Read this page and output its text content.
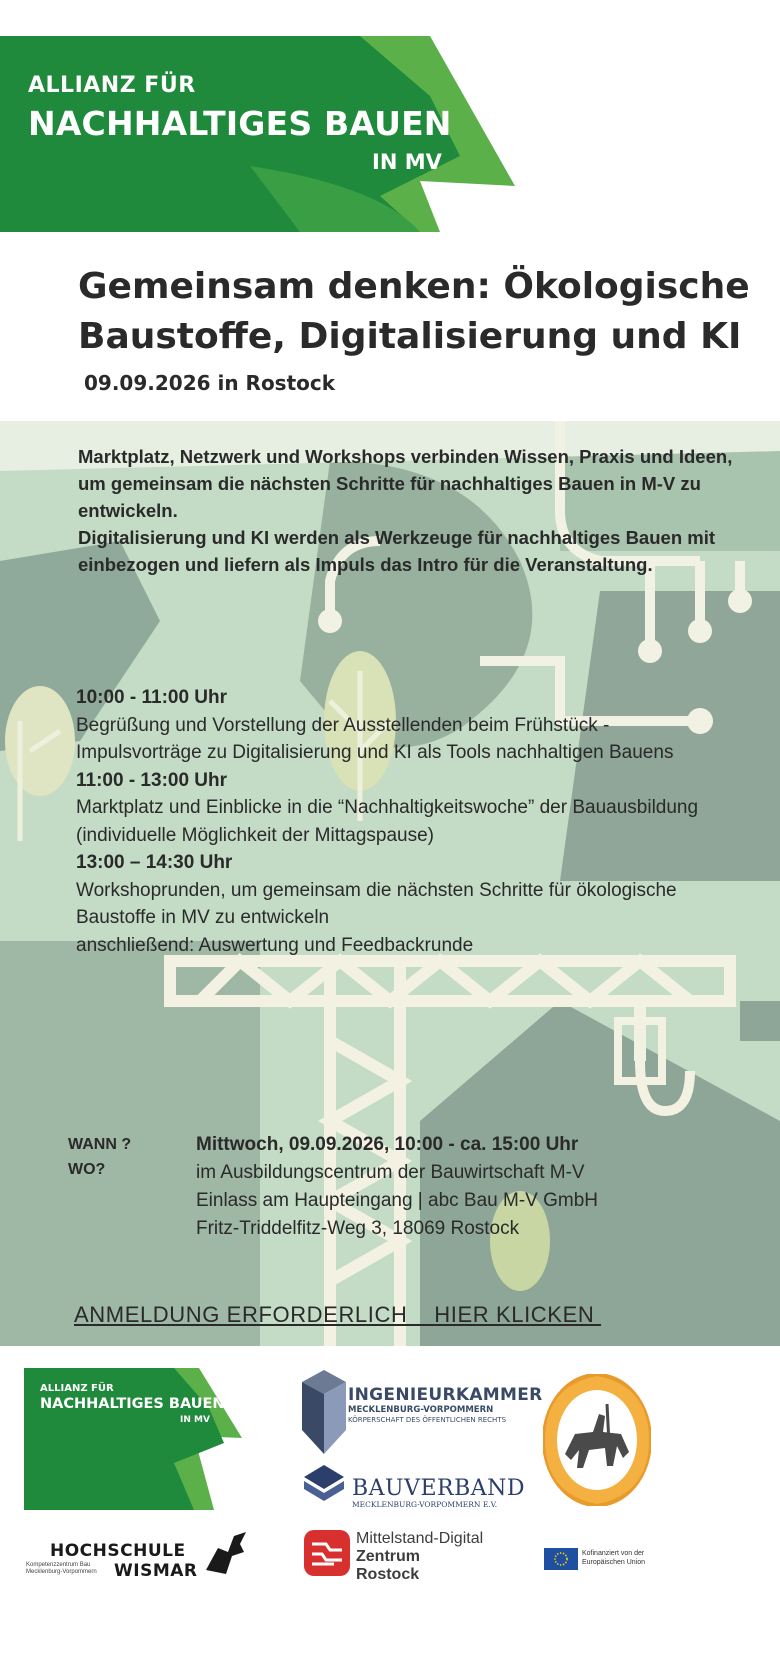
ALLIANZ FÜR
NACHHALTIGES BAUEN
IN MV
Gemeinsam denken: Ökologische Baustoffe, Digitalisierung und KI
09.09.2026 in Rostock

Marktplatz, Netzwerk und Workshops verbinden Wissen, Praxis und Ideen, um gemeinsam die nächsten Schritte für nachhaltiges Bauen in M-V zu entwickeln.

Digitalisierung und KI werden als Werkzeuge für nachhaltiges Bauen mit einbezogen und liefern als Impuls das Intro für die Veranstaltung.

10:00 - 11:00 Uhr
Begrüßung und Vorstellung der Ausstellenden beim Frühstück - Impulsvorträge zu Digitalisierung und KI als Tools nachhaltigen Bauens
11:00 - 13:00 Uhr
Marktplatz und Einblicke in die “Nachhaltigkeitswoche” der Bauausbildung
(individuelle Möglichkeit der Mittagspause)
13:00 – 14:30 Uhr
Workshoprunden, um gemeinsam die nächsten Schritte für ökologische Baustoffe in MV zu entwickeln
anschließend: Auswertung und Feedbackrunde
WANN ?
WO?
Mittwoch, 09.09.2026, 10:00 - ca. 15:00 Uhr
im Ausbildungscentrum der Bauwirtschaft M-V
Einlass am Haupteingang | abc Bau M-V GmbH
Fritz-Triddelfitz-Weg 3, 18069 Rostock
ANMELDUNG ERFORDERLICH    HIER KLICKEN
ALLIANZ FÜR
NACHHALTIGES BAUEN
IN MV
INGENIEURKAMMER
MECKLENBURG-VORPOMMERN
KÖRPERSCHAFT DES ÖFFENTLICHEN RECHTS
BAUVERBAND
MECKLENBURG-VORPOMMERN E.V.
Mittelstand-Digital
Zentrum
Rostock
HOCHSCHULE
WISMAR
Kompetenzzentrum Bau
Mecklenburg-Vorpommern
Kofinanziert von der
Europäischen Union
